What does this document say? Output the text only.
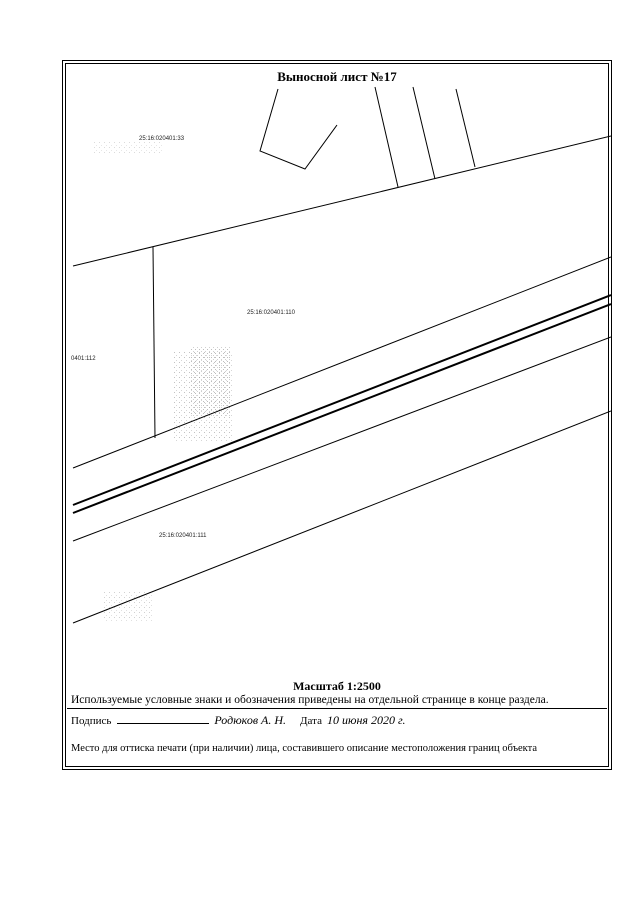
Выносной лист №17
25:16:020401:33
25:16:020401:110
0401:112
25:16:020401:111
Масштаб 1:2500
Используемые условные знаки и обозначения приведены на отдельной странице в конце раздела.
Подпись	Родюков А. Н. Дата 10 июня 2020 г.
Место для оттиска печати (при наличии) лица, составившего описание местоположения границ объекта
